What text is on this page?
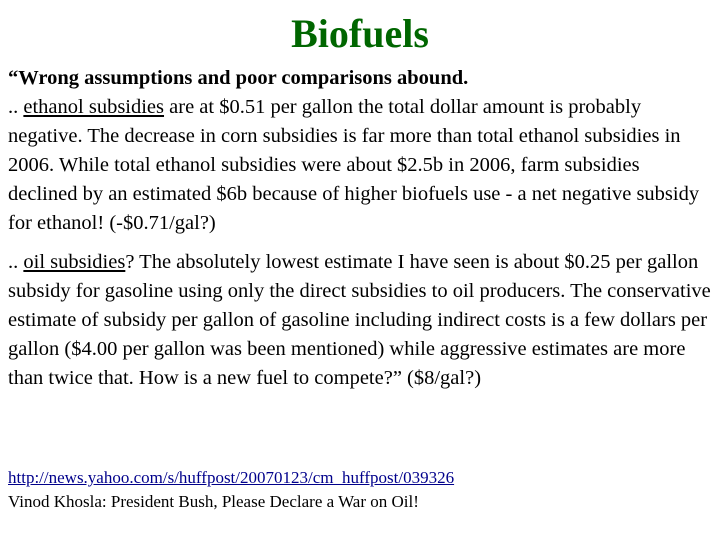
Biofuels

“Wrong assumptions and poor comparisons abound.
.. ethanol subsidies are at $0.51 per gallon the total dollar amount is probably negative. The decrease in corn subsidies is far more than total ethanol subsidies in 2006. While total ethanol subsidies were about $2.5b in 2006, farm subsidies declined by an estimated $6b because of higher biofuels use - a net negative subsidy for ethanol! (-$0.71/gal?)

.. oil subsidies? The absolutely lowest estimate I have seen is about $0.25 per gallon subsidy for gasoline using only the direct subsidies to oil producers. The conservative estimate of subsidy per gallon of gasoline including indirect costs is a few dollars per gallon ($4.00 per gallon was been mentioned) while aggressive estimates are more than twice that. How is a new fuel to compete?” ($8/gal?)

http://news.yahoo.com/s/huffpost/20070123/cm_huffpost/039326
Vinod Khosla: President Bush, Please Declare a War on Oil!
